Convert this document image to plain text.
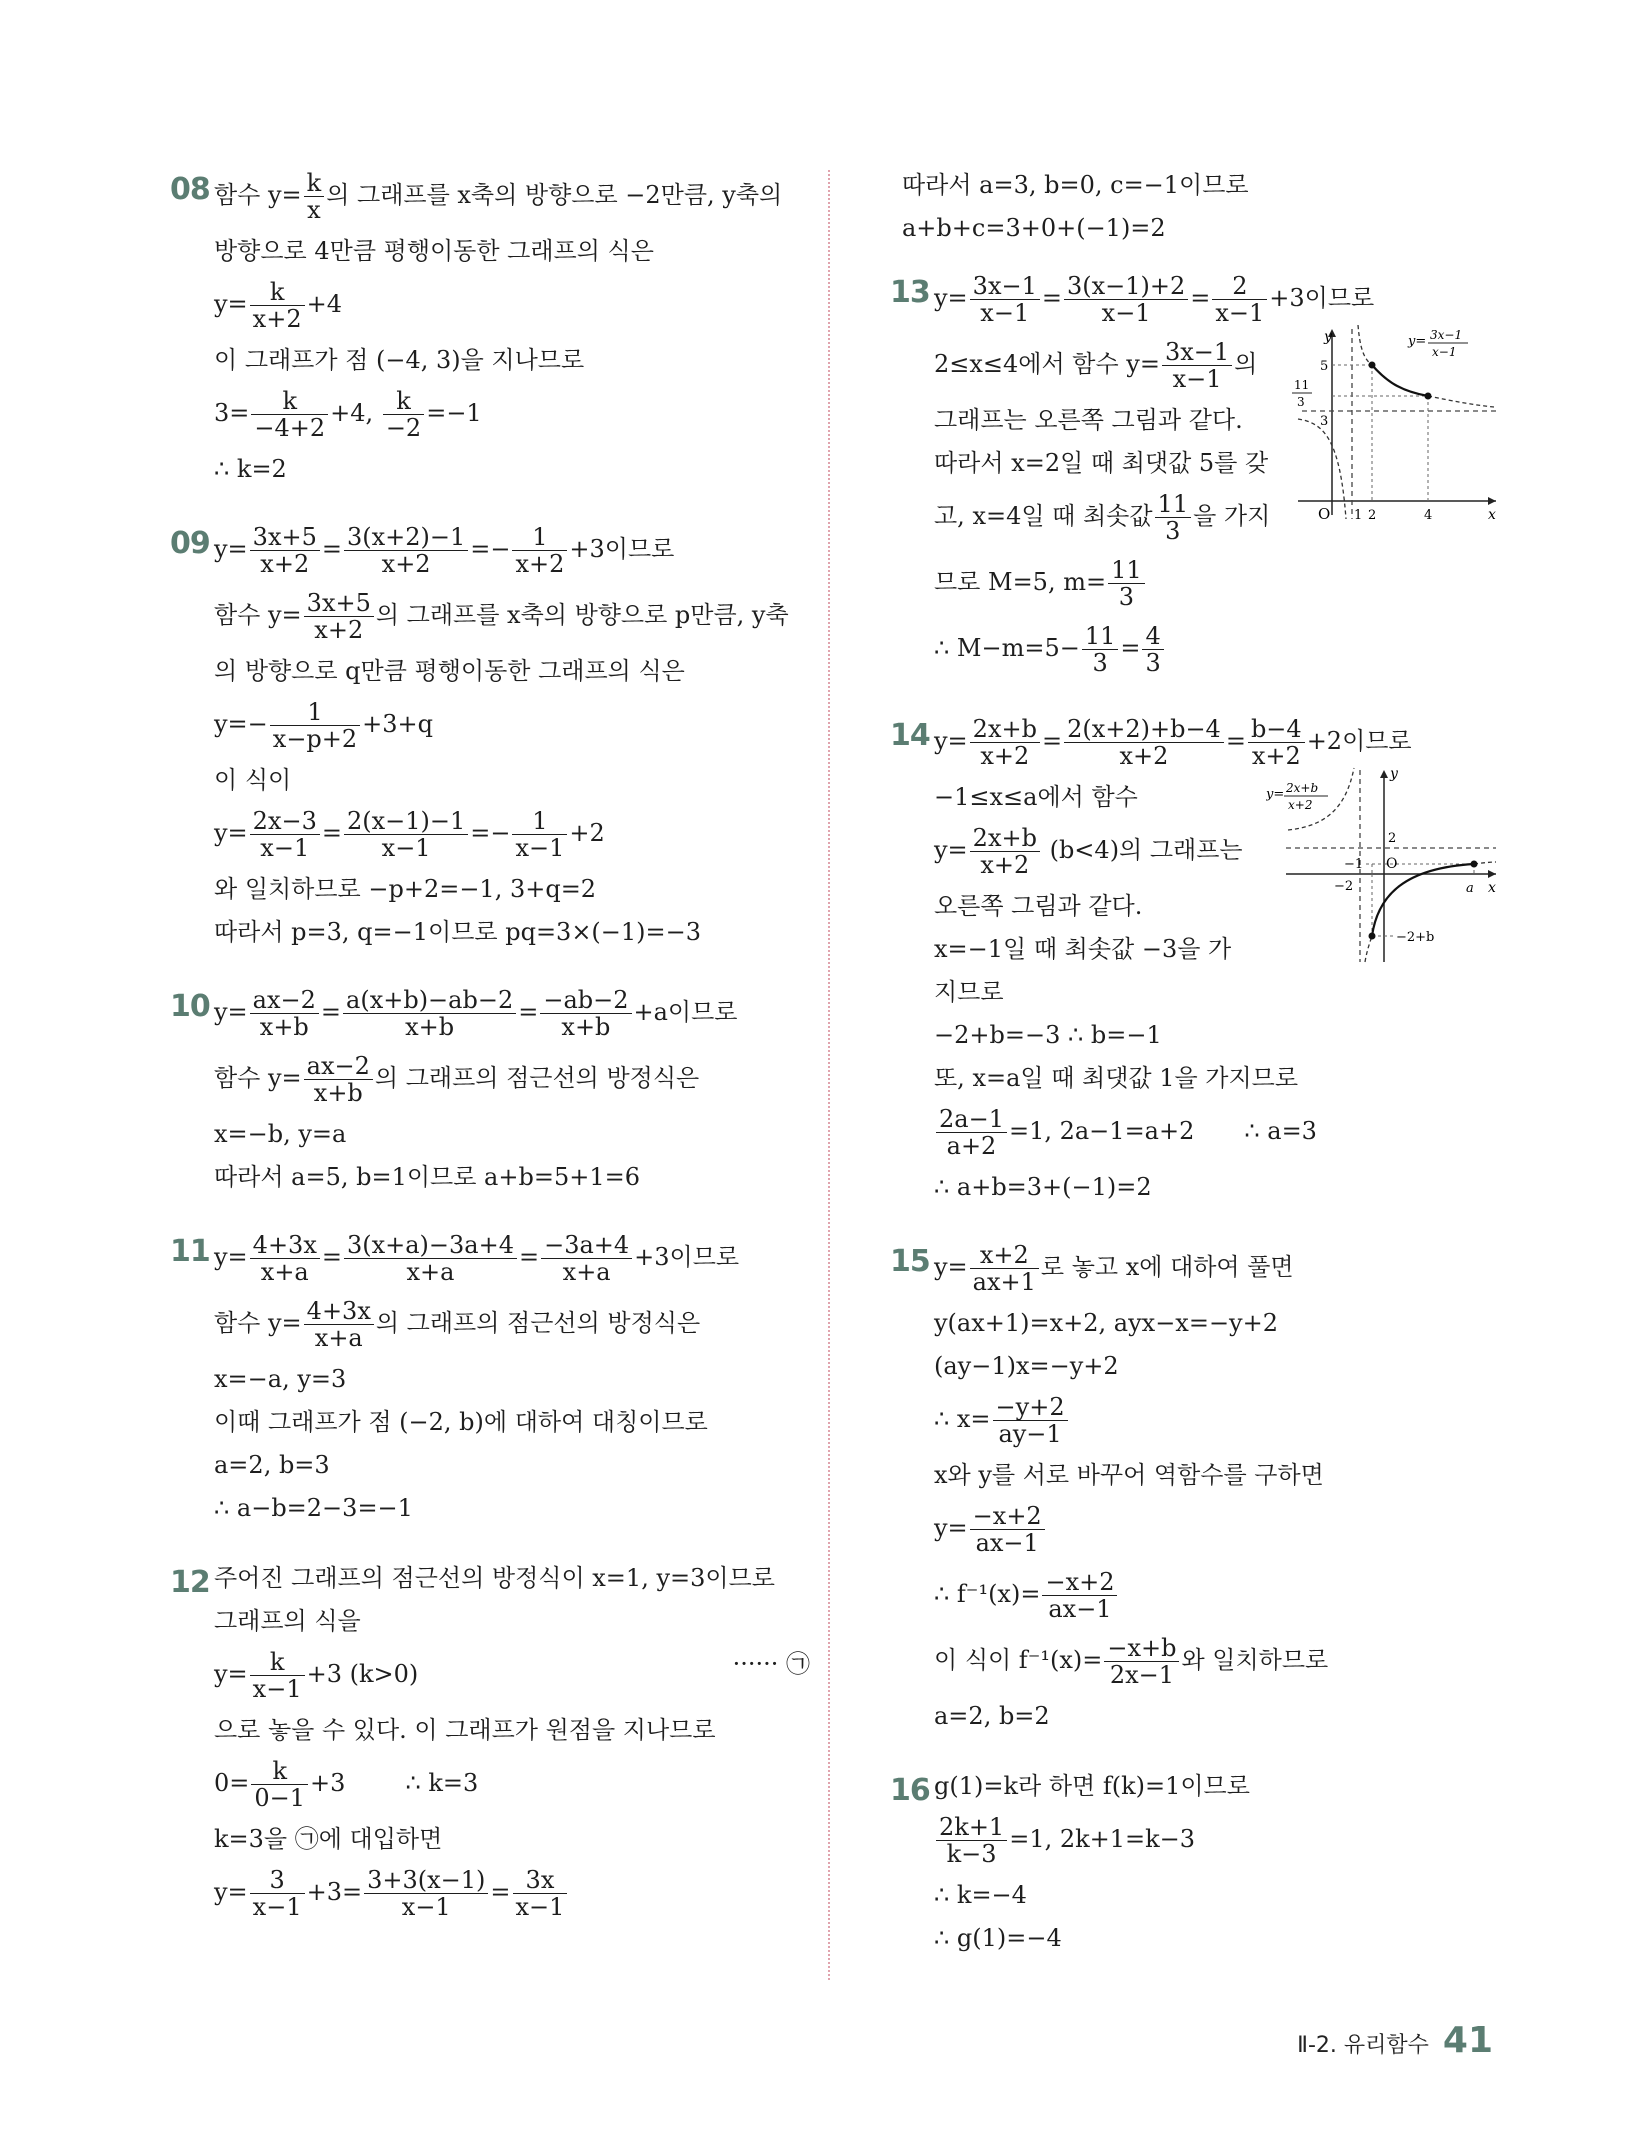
08 함수 $y= \frac{k}{x}$ 의 그래프를 x축의 방향으로 −2만큼, y축의
방향으로 4만큼 평행이동한 그래프의 식은
$y= \frac{k}{x+2} +4$
이 그래프가 점 (−4, 3)을 지나므로
$3= \frac{k}{-4+2} +4$, $\frac{k}{-2} =-1$
∴ k=2
09 $y= \frac{3x+5}{x+2} = \frac{3(x+2)-1}{x+2} =- \frac{1}{x+2} +3$이므로
함수 $y= \frac{3x+5}{x+2}$ 의 그래프를 x축의 방향으로 p만큼, y축
의 방향으로 q만큼 평행이동한 그래프의 식은
$y=- \frac{1}{x-p+2} +3+q$
이 식이
$y= \frac{2x-3}{x-1} = \frac{2(x-1)-1}{x-1} =- \frac{1}{x-1} +2$
와 일치하므로 −p+2=−1, 3+q=2
따라서 p=3, q=−1이므로 pq=3×(−1)=−3
10 $y= \frac{ax-2}{x+b} = \frac{a(x+b)-ab-2}{x+b} = \frac{-ab-2}{x+b} +a$이므로
함수 $y= \frac{ax-2}{x+b}$ 의 그래프의 점근선의 방정식은
x=−b, y=a
따라서 a=5, b=1이므로 a+b=5+1=6
11 $y= \frac{4+3x}{x+a} = \frac{3(x+a)-3a+4}{x+a} = \frac{-3a+4}{x+a} +3$이므로
함수 $y= \frac{4+3x}{x+a}$ 의 그래프의 점근선의 방정식은
x=−a, y=3
이때 그래프가 점 (−2, b)에 대하여 대칭이므로
a=2, b=3
∴ a−b=2−3=−1
12 주어진 그래프의 점근선의 방정식이 x=1, y=3이므로
그래프의 식을
$y= \frac{k}{x-1} +3$ (k>0)	······ ㉠
으로 놓을 수 있다. 이 그래프가 원점을 지나므로
$0= \frac{k}{0-1} +3$	∴ k=3
k=3을 ㉠에 대입하면
$y= \frac{3}{x-1} +3= \frac{3+3(x-1)}{x-1} = \frac{3x}{x-1}$
따라서 a=3, b=0, c=−1이므로
a+b+c=3+0+(−1)=2
13 $y= \frac{3x-1}{x-1} = \frac{3(x-1)+2}{x-1} = \frac{2}{x-1} +3$이므로
2≤x≤4에서 함수 $y= \frac{3x-1}{x-1}$ 의
그래프는 오른쪽 그림과 같다.
따라서 x=2일 때 최댓값 5를 갖
고, x=4일 때 최솟값 $\frac{11}{3}$ 을 가지
므로 M=5, $m= \frac{11}{3}$
∴ $M-m=5- \frac{11}{3} = \frac{4}{3}$
y
x
O
5
11
3
3
1 2	4
y= 3x−1
x−1
14 $y= \frac{2x+b}{x+2} = \frac{2(x+2)+b-4}{x+2} = \frac{b-4}{x+2} +2$이므로
−1≤x≤a에서 함수
$y= \frac{2x+b}{x+2} (b<4)$의 그래프는
오른쪽 그림과 같다.
x=−1일 때 최솟값 −3을 가
지므로
−2+b=−3 ∴ b=−1
또, x=a일 때 최댓값 1을 가지므로
$\frac{2a-1}{a+2} =1$, 2a−1=a+2 ∴ a=3
∴ a+b=3+(−1)=2
y
x
O
2
−1
−2	a
−2+b
y= 2x+b
x+2
15 $y= \frac{x+2}{ax+1}$ 로 놓고 x에 대하여 풀면
y(ax+1)=x+2, ayx−x=−y+2
(ay−1)x=−y+2
∴ $x= \frac{-y+2}{ay-1}$
x와 y를 서로 바꾸어 역함수를 구하면
$y= \frac{-x+2}{ax-1}$
∴ $f^{-1}(x)= \frac{-x+2}{ax-1}$
이 식이 $f^{-1}(x)= \frac{-x+b}{2x-1}$ 와 일치하므로
a=2, b=2
16 g(1)=k라 하면 f(k)=1이므로
$\frac{2k+1}{k-3} =1$, 2k+1=k−3
∴ k=−4
∴ g(1)=−4
Ⅱ-2. 유리함수 41
